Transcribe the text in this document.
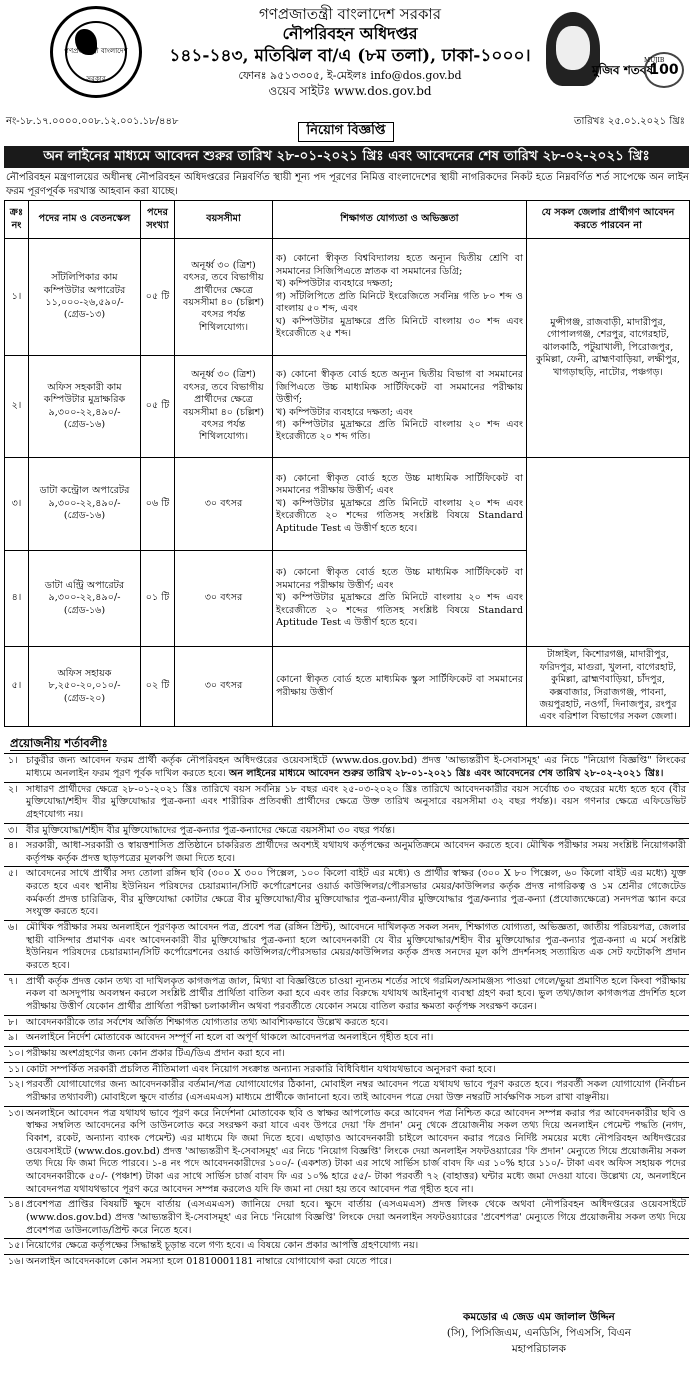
গণপ্রজাতন্ত্রী বাংলাদেশ
সরকার
গণপ্রজাতন্ত্রী বাংলাদেশ সরকার
নৌপরিবহন অধিদপ্তর
১৪১-১৪৩, মতিঝিল বা/এ (৮ম তলা), ঢাকা-১০০০।
ফোনঃ ৯৫১৩৩০৫, ই-মেইলঃ info@dos.gov.bd
ওয়েব সাইটঃ www.dos.gov.bd
মুজিব শতবর্ষ
100
MUJIB
নং-১৮.১৭.০০০০.০০৮.১২.০০১.১৮/৪৪৮	তারিখঃ ২৫.০১.২০২১ খ্রিঃ
নিয়োগ বিজ্ঞপ্তি
অন লাইনের মাধ্যমে আবেদন শুরুর তারিখ ২৮-০১-২০২১ খ্রিঃ এবং আবেদনের শেষ তারিখ ২৮-০২-২০২১ খ্রিঃ
নৌপরিবহন মন্ত্রণালয়ের অধীনস্থ নৌপরিবহন অধিদপ্তরের নিম্নবর্ণিত স্থায়ী শূন্য পদ পূরণের নিমিত্ত বাংলাদেশের স্থায়ী নাগরিকদের নিকট হতে নিম্নবর্ণিত শর্ত সাপেক্ষে অন লাইন ফরম পূরণপূর্বক দরখাস্ত আহবান করা যাচ্ছে।
ক্রঃ নং	পদের নাম ও বেতনস্কেল	পদের সংখ্যা	বয়সসীমা	শিক্ষাগত যোগ্যতা ও অভিজ্ঞতা	যে সকল জেলার প্রার্থীগণ আবেদন করতে পারবেন না
১।	সাঁটলিপিকার কাম কম্পিউটার অপারেটর ১১,০০০-২৬,৫৯০/- (গ্রেড-১৩)	০৫ টি	অনূর্ধ্ব ৩০ (ত্রিশ) বৎসর, তবে বিভাগীয় প্রার্থীদের ক্ষেত্রে বয়সসীমা ৪০ (চল্লিশ) বৎসর পর্যন্ত শিথিলযোগ্য।	ক) কোনো স্বীকৃত বিশ্ববিদ্যালয় হতে অন্যূন দ্বিতীয় শ্রেণি বা সমমানের সিজিপিএতে স্নাতক বা সমমানের ডিগ্রি;
খ) কম্পিউটার ব্যবহারে দক্ষতা;
গ) সাঁটলিপিতে প্রতি মিনিটে ইংরেজিতে সর্বনিম্ন গতি ৮০ শব্দ ও বাংলায় ৫০ শব্দ, এবং
ঘ) কম্পিউটার মুদ্রাক্ষরে প্রতি মিনিটে বাংলায় ৩০ শব্দ এবং ইংরেজীতে ২৫ শব্দ।	মুন্সীগঞ্জ, রাজবাড়ী, মাদারীপুর, গোপালগঞ্জ, শেরপুর, বাগেরহাট, ঝালকাঠি, পটুয়াখালী, পিরোজপুর, কুমিল্লা, ফেনী, ব্রাহ্মণবাড়িয়া, লক্ষীপুর, খাগড়াছড়ি, নাটোর, পঞ্চগড়।
২।	অফিস সহকারী কাম কম্পিউটার মুদ্রাক্ষরিক ৯,৩০০-২২,৪৯০/- (গ্রেড-১৬)	০৫ টি	অনূর্ধ্ব ৩০ (ত্রিশ) বৎসর, তবে বিভাগীয় প্রার্থীদের ক্ষেত্রে বয়সসীমা ৪০ (চল্লিশ) বৎসর পর্যন্ত শিথিলযোগ্য।	ক) কোনো স্বীকৃত বোর্ড হতে অন্যূন দ্বিতীয় বিভাগ বা সমমানের জিপিএতে উচ্চ মাধ্যমিক সার্টিফিকেট বা সমমানের পরীক্ষায় উত্তীর্ণ;
খ) কম্পিউটার ব্যবহারে দক্ষতা; এবং
গ) কম্পিউটার মুদ্রাক্ষরে প্রতি মিনিটে বাংলায় ২০ শব্দ এবং ইংরেজীতে ২০ শব্দ গতি।	

৩।	ডাটা কন্ট্রোল অপারেটর ৯,৩০০-২২,৪৯০/- (গ্রেড-১৬)	০৬ টি	৩০ বৎসর	ক) কোনো স্বীকৃত বোর্ড হতে উচ্চ মাধ্যমিক সার্টিফিকেট বা সমমানের পরীক্ষায় উত্তীর্ণ; এবং
খ) কম্পিউটার মুদ্রাক্ষরে প্রতি মিনিটে বাংলায় ২০ শব্দ এবং ইংরেজীতে ২০ শব্দের গতিসহ সংশ্লিষ্ট বিষয়ে Standard Aptitude Test এ উত্তীর্ণ হতে হবে।	

৪।	ডাটা এন্ট্রি অপারেটর ৯,৩০০-২২,৪৯০/- (গ্রেড-১৬)	০১ টি	৩০ বৎসর	ক) কোনো স্বীকৃত বোর্ড হতে উচ্চ মাধ্যমিক সার্টিফিকেট বা সমমানের পরীক্ষায় উত্তীর্ণ; এবং
খ) কম্পিউটার মুদ্রাক্ষরে প্রতি মিনিটে বাংলায় ২০ শব্দ এবং ইংরেজীতে ২০ শব্দের গতিসহ সংশ্লিষ্ট বিষয়ে Standard Aptitude Test এ উত্তীর্ণ হতে হবে।	

৫।	অফিস সহায়ক ৮,২৫০-২০,০১০/- (গ্রেড-২০)	০২ টি	৩০ বৎসর	কোনো স্বীকৃত বোর্ড হতে মাধ্যমিক স্কুল সার্টিফিকেট বা সমমানের পরীক্ষায় উত্তীর্ণ	টাঙ্গাইল, কিশোরগঞ্জ, মাদারীপুর, ফরিদপুর, মাগুরা, খুলনা, বাগেরহাট, কুমিল্লা, ব্রাহ্মণবাড়িয়া, চাঁদপুর, কক্সবাজার, সিরাজগঞ্জ, পাবনা, জয়পুরহাট, নওগাঁ, দিনাজপুর, রংপুর এবং বরিশাল বিভাগের সকল জেলা।
প্রয়োজনীয় শর্তাবলীঃ
১। চাকুরীর জন্য আবেদন ফরম প্রার্থী কর্তৃক নৌপরিবহন অধিদপ্তরের ওয়েবসাইটে (www.dos.gov.bd) প্রদত্ত 'আভ্যন্তরীণ ই-সেবাসমূহ' এর নিচে "নিয়োগ বিজ্ঞপ্তি" লিংকের মাধ্যমে অনলাইন ফরম পূরণ পূর্বক দাখিল করতে হবে। অন লাইনের মাধ্যমে আবেদন শুরুর তারিখ ২৮-০১-২০২১ খ্রিঃ এবং আবেদনের শেষ তারিখ ২৮-০২-২০২১ খ্রিঃ।
২। সাধারণ প্রার্থীদের ক্ষেত্রে ২৮-০১-২০২১ খ্রিঃ তারিখে বয়স সর্বনিম্ন ১৮ বছর এবং ২৫-০৩-২০২০ খ্রিঃ তারিখে আবেদনকারীর বয়স সর্বোচ্চ ৩০ বছরের মধ্যে হতে হবে (বীর মুক্তিযোদ্ধা/শহীদ বীর মুক্তিযোদ্ধার পুত্র-কন্যা এবং শারীরিক প্রতিবন্ধী প্রার্থীদের ক্ষেত্রে উক্ত তারিখ অনুসারে বয়সসীমা ৩২ বছর পর্যন্ত)। বয়স গণনার ক্ষেত্রে এফিডেভিট গ্রহণযোগ্য নয়।
৩। বীর মুক্তিযোদ্ধা/শহীদ বীর মুক্তিযোদ্ধাদের পুত্র-কন্যার পুত্র-কন্যাদের ক্ষেত্রে বয়সসীমা ৩০ বছর পর্যন্ত।
৪। সরকারী, আধা-সরকারী ও স্বায়ত্তশাসিত প্রতিষ্ঠানে চাকরিরত প্রার্থীদের অবশ্যই যথাযথ কর্তৃপক্ষের অনুমতিক্রমে আবেদন করতে হবে। মৌখিক পরীক্ষার সময় সংশ্লিষ্ট নিয়োগকারী কর্তৃপক্ষ কর্তৃক প্রদত্ত ছাড়পত্রের মূলকপি জমা দিতে হবে।
৫। আবেদনের সাথে প্রার্থীর সদ্য তোলা রঙ্গিন ছবি (৩০০ X ৩০০ পিক্সেল, ১০০ কিলো বাইট এর মধ্যে) ও প্রার্থীর স্বাক্ষর (৩০০ X ৮০ পিক্সেল, ৬০ কিলো বাইট এর মধ্যে) যুক্ত করতে হবে এবং স্থানীয় ইউনিয়ন পরিষদের চেয়ারম্যান/সিটি কর্পোরেশনের ওয়ার্ড কাউন্সিলর/পৌরসভার মেয়র/কাউন্সিলর কর্তৃক প্রদত্ত নাগরিকত্ব ও ১ম শ্রেনীর গেজেটেড কর্মকর্তা প্রদত্ত চারিত্রিক, বীর মুক্তিযোদ্ধা কোটার ক্ষেত্রে বীর মুক্তিযোদ্ধা/বীর মুক্তিযোদ্ধার পুত্র-কন্যা/বীর মুক্তিযোদ্ধার পুত্র/কন্যার পুত্র-কন্যা (প্রযোজ্যক্ষেত্রে) সনদপত্র স্ক্যান করে সংযুক্ত করতে হবে।
৬। মৌখিক পরীক্ষার সময় অনলাইনে পূরণকৃত আবেদন পত্র, প্রবেশ পত্র (রঙ্গিন প্রিন্ট), আবেদনে দাখিলকৃত সকল সনদ, শিক্ষাগত যোগ্যতা, অভিজ্ঞতা, জাতীয় পরিচয়পত্র, জেলার স্থায়ী বাসিন্দার প্রমাণক এবং আবেদনকারী বীর মুক্তিযোদ্ধার পুত্র-কন্যা হলে আবেদনকারী যে বীর মুক্তিযোদ্ধার/শহীদ বীর মুক্তিযোদ্ধার পুত্র-কন্যার পুত্র-কন্যা এ মর্মে সংশ্লিষ্ট ইউনিয়ন পরিষদের চেয়ারম্যান/সিটি কর্পোরেশনের ওয়ার্ড কাউন্সিলর/পৌরসভার মেয়র/কাউন্সিলর কর্তৃক প্রদত্ত সনদের মূল কপি প্রদর্শনসহ সত্যায়িত এক সেট ফটোকপি প্রদান করতে হবে।
৭। প্রার্থী কর্তৃক প্রদত্ত কোন তথ্য বা দাখিলকৃত কাগজপত্র জাল, মিথ্যা বা বিজ্ঞপ্তিতে চাওয়া ন্যূনতম শর্তের সাথে গরমিল/অসামঞ্জস্য পাওয়া গেলে/ভুয়া প্রমাণিত হলে কিংবা পরীক্ষায় নকল বা অসদুপায় অবলম্বন করলে সংশ্লিষ্ট প্রার্থীর প্রার্থিতা বাতিল করা হবে এবং তার বিরুদ্ধে যথাযথ আইনানুগ ব্যবস্থা গ্রহণ করা হবে। ভুল তথ্য/জাল কাগজপত্র প্রদর্শিত হলে পরীক্ষায় উত্তীর্ণ যেকোন প্রার্থীর প্রার্থিতা পরীক্ষা চলাকালীন অথবা পরবর্তীতে যেকোন সময়ে বাতিল করার ক্ষমতা কর্তৃপক্ষ সংরক্ষণ করেন।
৮। আবেদনকারীকে তার সর্বশেষ অর্জিত শিক্ষাগত যোগ্যতার তথ্য আবশ্যিকভাবে উল্লেখ করতে হবে।
৯। অনলাইনে নির্দেশ মোতাবেক আবেদন সম্পূর্ণ না হলে বা অপূর্ণ থাকলে আবেদনপত্র অনলাইনে গৃহীত হবে না।
১০। পরীক্ষায় অংশগ্রহণের জন্য কোন প্রকার টিএ/ডিএ প্রদান করা হবে না।
১১। কোটা সম্পর্কিত সরকারী প্রচলিত নীতিমালা এবং নিয়োগ সংক্রান্ত অন্যান্য সরকারি বিধিবিধান যথাযথভাবে অনুসরণ করা হবে।
১২। পরবর্তী যোগাযোগের জন্য আবেদনকারীর বর্তমান/পত্র যোগাযোগের ঠিকানা, মোবাইল নম্বর আবেদন পত্রে যথাযথ ভাবে পূরণ করতে হবে। পরবর্তী সকল যোগাযোগ (নির্বাচন পরীক্ষার তথ্যাবলী) মোবাইলে ক্ষুদে বার্তার (এসএমএস) মাধ্যমে প্রার্থীকে জানানো হবে। তাই আবেদন পত্রে দেয়া উক্ত নম্বরটি সার্বক্ষণিক সচল রাখা বাঞ্ছনীয়।
১৩। অনলাইনে আবেদন পত্র যথাযথ ভাবে পূরণ করে নির্দেশনা মোতাবেক ছবি ও স্বাক্ষর আপলোড করে আবেদন পত্র নিশ্চিত করে আবেদন সম্পন্ন করার পর আবেদনকারীর ছবি ও স্বাক্ষর সম্বলিত আবেদনের কপি ডাউনলোড করে সংরক্ষণ করা যাবে এবং উপরে দেয়া 'ফি প্রদান' মেনু থেকে প্রয়োজনীয় সকল তথ্য দিয়ে অনলাইন পেমেন্ট পদ্ধতি (নগদ, বিকাশ, রকেট, অন্যান্য ব্যাংক পেমেন্ট) এর মাধ্যমে ফি জমা দিতে হবে। এছাড়াও আবেদনকারী চাইলে আবেদন করার পরেও নির্দিষ্ট সময়ের মধ্যে নৌপরিবহন অধিদপ্তরের ওয়েবসাইটে (www.dos.gov.bd) প্রদত্ত 'আভ্যন্তরীণ ই-সেবাসমূহ' এর নিচে 'নিয়োগ বিজ্ঞপ্তি' লিংকে দেয়া অনলাইন সফটওয়্যারের 'ফি প্রদান' মেন্যুতে গিয়ে প্রয়োজনীয় সকল তথ্য দিয়ে ফি জমা দিতে পারবে। ১-৪ নং পদে আবেদনকারীদের ১০০/- (একশত) টাকা এর সাথে সার্ভিস চার্জ বাবদ ফি এর ১০% হারে ১১০/- টাকা এবং অফিস সহায়ক পদের আবেদনকারীকে ৫০/- (পঞ্চাশ) টাকা এর সাথে সার্ভিস চার্জ বাবদ ফি এর ১০% হারে ৫৫/- টাকা পরবর্তী ৭২ (বাহাত্তর) ঘন্টার মধ্যে জমা দেওয়া যাবে। উল্লেখ্য যে, অনলাইনে আবেদনপত্র যথাযথভাবে পূরণ করে আবেদন সম্পন্ন করলেও যদি ফি জমা না দেয়া হয় তবে আবেদন পত্র গৃহীত হবে না।
১৪। প্রবেশপত্র প্রাপ্তির বিষয়টি ক্ষুদে বার্তায় (এসএমএস) জানিয়ে দেয়া হবে। ক্ষুদে বার্তায় (এসএমএস) প্রদত্ত লিংক থেকে অথবা নৌপরিবহন অধিদপ্তরের ওয়েবসাইটে (www.dos.gov.bd) প্রদত্ত 'আভ্যন্তরীণ ই-সেবাসমূহ' এর নিচে 'নিয়োগ বিজ্ঞপ্তি' লিংকে দেয়া অনলাইন সফটওয়্যারের 'প্রবেশপত্র' মেন্যুতে গিয়ে প্রয়োজনীয় সকল তথ্য দিয়ে প্রবেশপত্র ডাউনলোড/প্রিন্ট করে নিতে হবে।
১৫। নিয়োগের ক্ষেত্রে কর্তৃপক্ষের সিদ্ধান্তই চূড়ান্ত বলে গণ্য হবে। এ বিষয়ে কোন প্রকার আপত্তি গ্রহণযোগ্য নয়।
১৬। অনলাইন আবেদনকালে কোন সমস্যা হলে 01810001181 নাম্বারে যোগাযোগ করা যেতে পারে।
কমডোর এ জেড এম জালাল উদ্দিন
(সি), পিসিজিএম, এনডিসি, পিএসসি, বিএন
মহাপরিচালক
